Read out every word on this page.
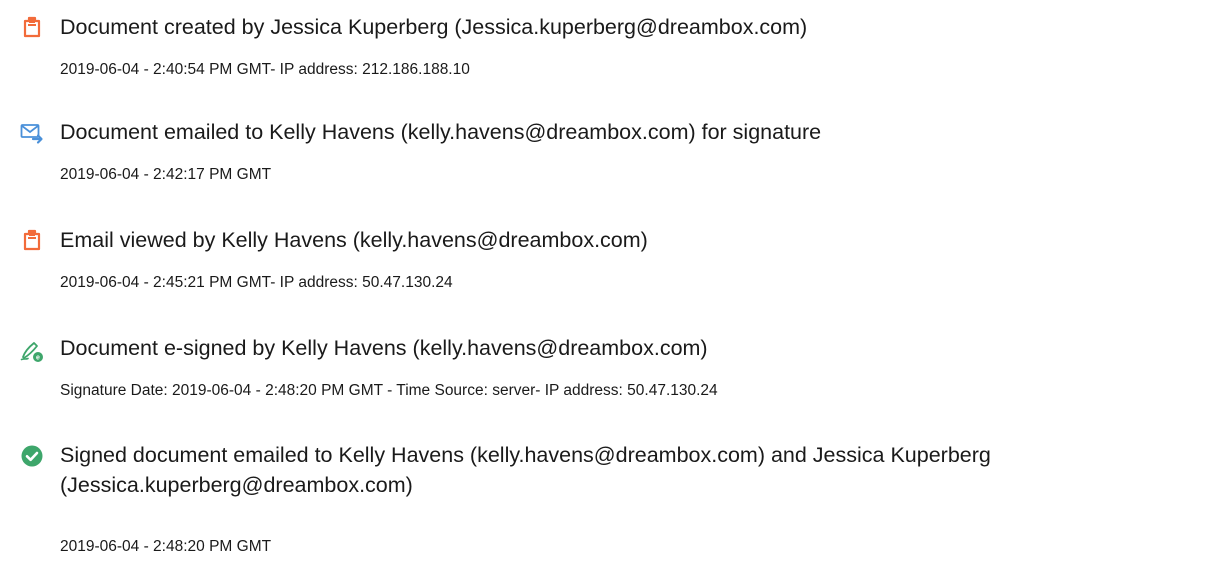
Document created by Jessica Kuperberg (Jessica.kuperberg@dreambox.com)

2019-06-04 - 2:40:54 PM GMT- IP address: 212.186.188.10

Document emailed to Kelly Havens (kelly.havens@dreambox.com) for signature

2019-06-04 - 2:42:17 PM GMT

Email viewed by Kelly Havens (kelly.havens@dreambox.com)

2019-06-04 - 2:45:21 PM GMT- IP address: 50.47.130.24

e Document e-signed by Kelly Havens (kelly.havens@dreambox.com)

Signature Date: 2019-06-04 - 2:48:20 PM GMT - Time Source: server- IP address: 50.47.130.24

Signed document emailed to Kelly Havens (kelly.havens@dreambox.com) and Jessica Kuperberg (Jessica.kuperberg@dreambox.com)

2019-06-04 - 2:48:20 PM GMT
